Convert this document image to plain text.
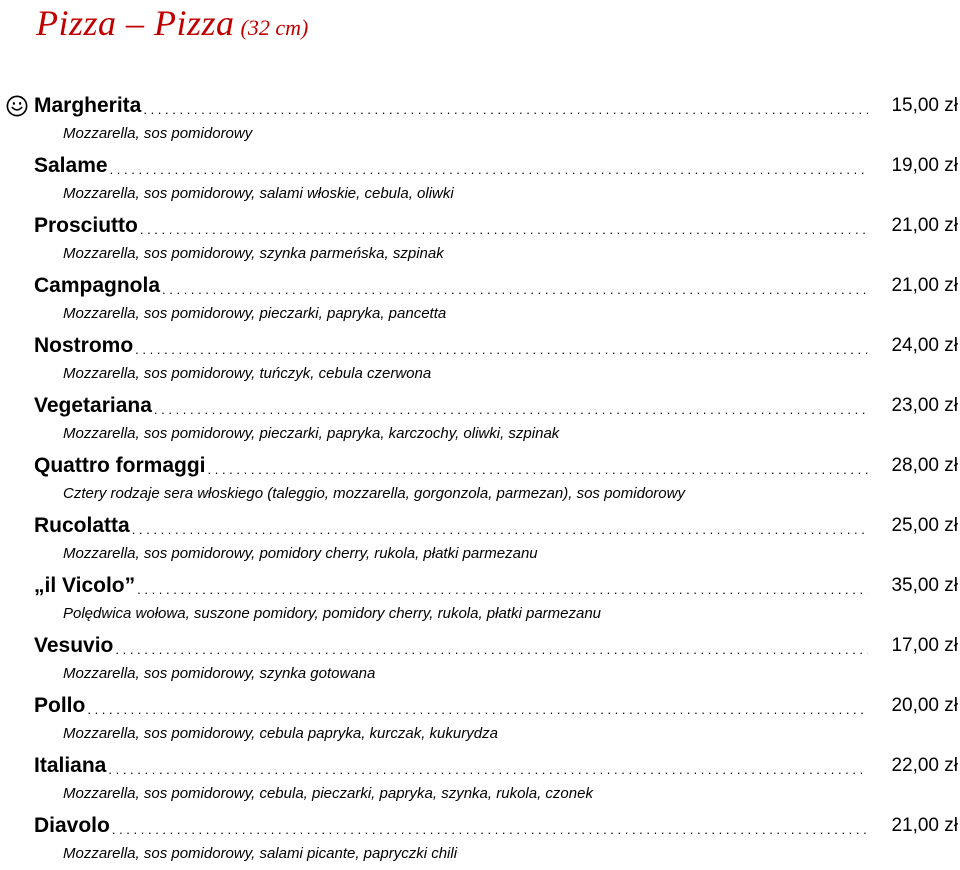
Pizza – Pizza (32 cm)
Margherita . . .	15,00 zł
Mozzarella, sos pomidorowy
Salame . . .	19,00 zł
Mozzarella, sos pomidorowy, salami włoskie, cebula, oliwki
Prosciutto . . .	21,00 zł
Mozzarella, sos pomidorowy, szynka parmeńska, szpinak
Campagnola . . .	21,00 zł
Mozzarella, sos pomidorowy, pieczarki, papryka, pancetta
Nostromo . . .	24,00 zł
Mozzarella, sos pomidorowy, tuńczyk, cebula czerwona
Vegetariana . . .	23,00 zł
Mozzarella, sos pomidorowy, pieczarki, papryka, karczochy, oliwki, szpinak
Quattro formaggi . . .	28,00 zł
Cztery rodzaje sera włoskiego (taleggio, mozzarella, gorgonzola, parmezan), sos pomidorowy
Rucolatta . . .	25,00 zł
Mozzarella, sos pomidorowy, pomidory cherry, rukola, płatki parmezanu
„il Vicolo” . . .	35,00 zł
Polędwica wołowa, suszone pomidory, pomidory cherry, rukola, płatki parmezanu
Vesuvio . . .	17,00 zł
Mozzarella, sos pomidorowy, szynka gotowana
Pollo . . .	20,00 zł
Mozzarella, sos pomidorowy, cebula papryka, kurczak, kukurydza
Italiana . . .	22,00 zł
Mozzarella, sos pomidorowy, cebula, pieczarki, papryka, szynka, rukola, czonek
Diavolo . . .	21,00 zł
Mozzarella, sos pomidorowy, salami picante, papryczki chili
